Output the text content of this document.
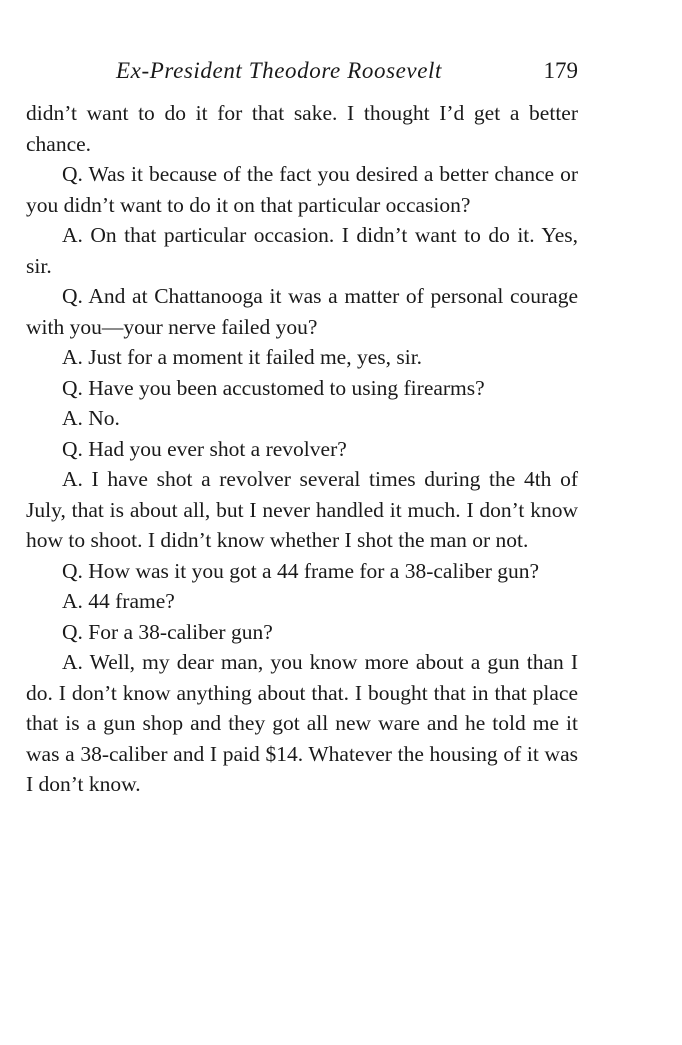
Ex-President Theodore Roosevelt	179

didn’t want to do it for that sake. I thought I’d get a better chance.

Q. Was it because of the fact you desired a better chance or you didn’t want to do it on that particular occasion?

A. On that particular occasion. I didn’t want to do it. Yes, sir.

Q. And at Chattanooga it was a matter of personal courage with you—your nerve failed you?

A. Just for a moment it failed me, yes, sir.

Q. Have you been accustomed to using firearms?

A. No.

Q. Had you ever shot a revolver?

A. I have shot a revolver several times during the 4th of July, that is about all, but I never handled it much. I don’t know how to shoot. I didn’t know whether I shot the man or not.

Q. How was it you got a 44 frame for a 38-caliber gun?

A. 44 frame?

Q. For a 38-caliber gun?

A. Well, my dear man, you know more about a gun than I do. I don’t know anything about that. I bought that in that place that is a gun shop and they got all new ware and he told me it was a 38-caliber and I paid $14. Whatever the housing of it was I don’t know.
